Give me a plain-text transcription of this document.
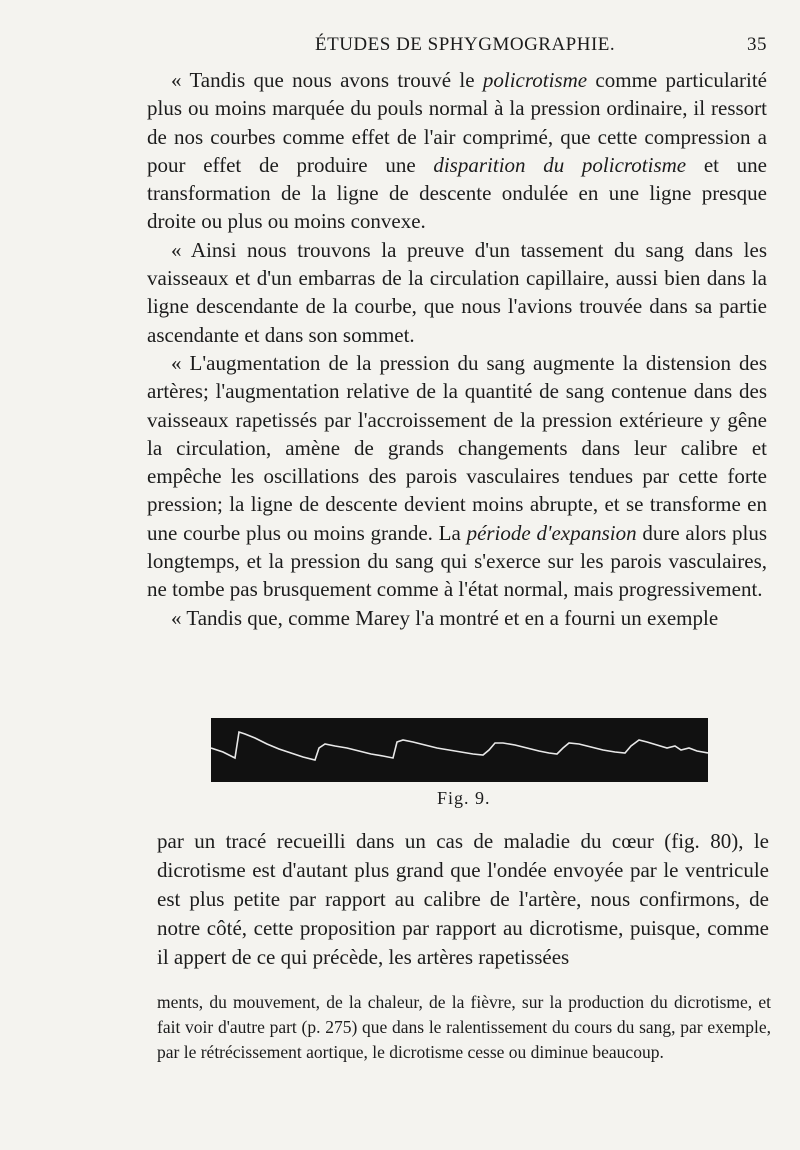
ÉTUDES DE SPHYGMOGRAPHIE.	35

« Tandis que nous avons trouvé le policrotisme comme particularité plus ou moins marquée du pouls normal à la pression ordinaire, il ressort de nos courbes comme effet de l'air comprimé, que cette compression a pour effet de produire une disparition du policrotisme et une transformation de la ligne de descente ondulée en une ligne presque droite ou plus ou moins convexe.

« Ainsi nous trouvons la preuve d'un tassement du sang dans les vaisseaux et d'un embarras de la circulation capillaire, aussi bien dans la ligne descendante de la courbe, que nous l'avions trouvée dans sa partie ascendante et dans son sommet.

« L'augmentation de la pression du sang augmente la distension des artères; l'augmentation relative de la quantité de sang contenue dans des vaisseaux rapetissés par l'accroissement de la pression extérieure y gêne la circulation, amène de grands changements dans leur calibre et empêche les oscillations des parois vasculaires tendues par cette forte pression; la ligne de descente devient moins abrupte, et se transforme en une courbe plus ou moins grande. La période d'expansion dure alors plus longtemps, et la pression du sang qui s'exerce sur les parois vasculaires, ne tombe pas brusquement comme à l'état normal, mais progressivement.

« Tandis que, comme Marey l'a montré et en a fourni un exemple

Fig. 9.

par un tracé recueilli dans un cas de maladie du cœur (fig. 80), le dicrotisme est d'autant plus grand que l'ondée envoyée par le ventricule est plus petite par rapport au calibre de l'artère, nous confirmons, de notre côté, cette proposition par rapport au dicrotisme, puisque, comme il appert de ce qui précède, les artères rapetissées

ments, du mouvement, de la chaleur, de la fièvre, sur la production du dicrotisme, et fait voir d'autre part (p. 275) que dans le ralentissement du cours du sang, par exemple, par le rétrécissement aortique, le dicrotisme cesse ou diminue beaucoup.
